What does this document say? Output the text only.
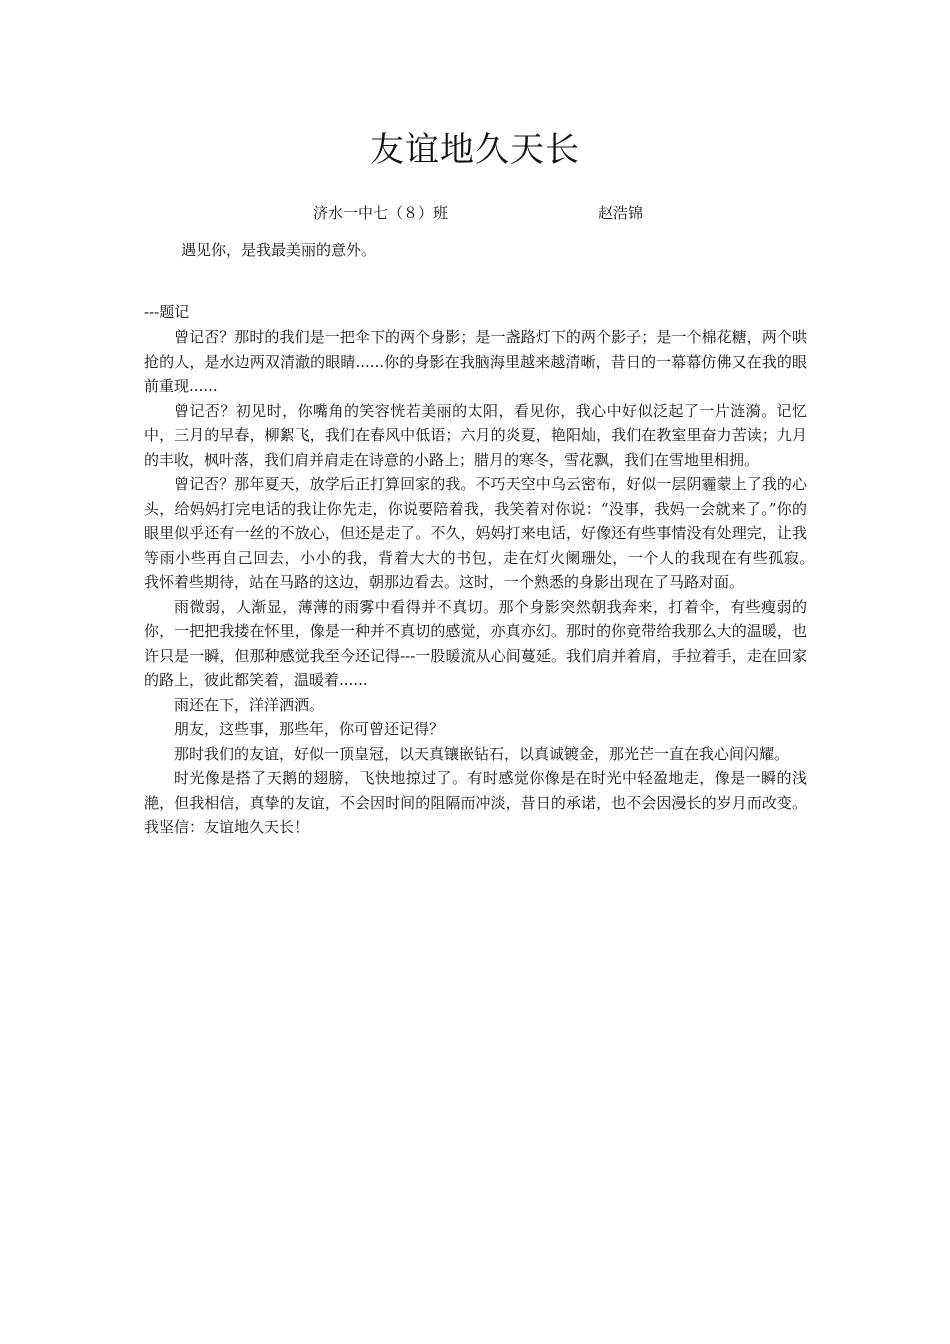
友谊地久天长
济水一中七（８）班	赵浩锦
遇见你，是我最美丽的意外。
---题记

曾记否？那时的我们是一把伞下的两个身影；是一盏路灯下的两个影子；是一个棉花糖，两个哄抢的人，是水边两双清澈的眼睛......你的身影在我脑海里越来越清晰，昔日的一幕幕仿佛又在我的眼前重现......

曾记否？初见时，你嘴角的笑容恍若美丽的太阳，看见你，我心中好似泛起了一片涟漪。记忆中，三月的早春，柳絮飞，我们在春风中低语；六月的炎夏，艳阳灿，我们在教室里奋力苦读；九月的丰收，枫叶落，我们肩并肩走在诗意的小路上；腊月的寒冬，雪花飘，我们在雪地里相拥。

曾记否？那年夏天，放学后正打算回家的我。不巧天空中乌云密布，好似一层阴霾蒙上了我的心头，给妈妈打完电话的我让你先走，你说要陪着我，我笑着对你说：“没事，我妈一会就来了。”你的眼里似乎还有一丝的不放心，但还是走了。不久，妈妈打来电话，好像还有些事情没有处理完，让我等雨小些再自己回去，小小的我，背着大大的书包，走在灯火阑珊处，一个人的我现在有些孤寂。　我怀着些期待，站在马路的这边，朝那边看去。这时，一个熟悉的身影出现在了马路对面。

雨微弱，人渐显，薄薄的雨雾中看得并不真切。那个身影突然朝我奔来，打着伞，有些瘦弱的你，一把把我搂在怀里，像是一种并不真切的感觉，亦真亦幻。那时的你竟带给我那么大的温暖，也许只是一瞬，但那种感觉我至今还记得---一股暖流从心间蔓延。我们肩并着肩，手拉着手，走在回家的路上，彼此都笑着，温暖着......

雨还在下，洋洋洒洒。

朋友，这些事，那些年，你可曾还记得？

那时我们的友谊，好似一顶皇冠，以天真镶嵌钻石，以真诚镀金，那光芒一直在我心间闪耀。

时光像是搭了天鹅的翅膀，飞快地掠过了。有时感觉你像是在时光中轻盈地走，像是一瞬的浅滟，但我相信，真挚的友谊，不会因时间的阻隔而冲淡，昔日的承诺，也不会因漫长的岁月而改变。我坚信：友谊地久天长！
